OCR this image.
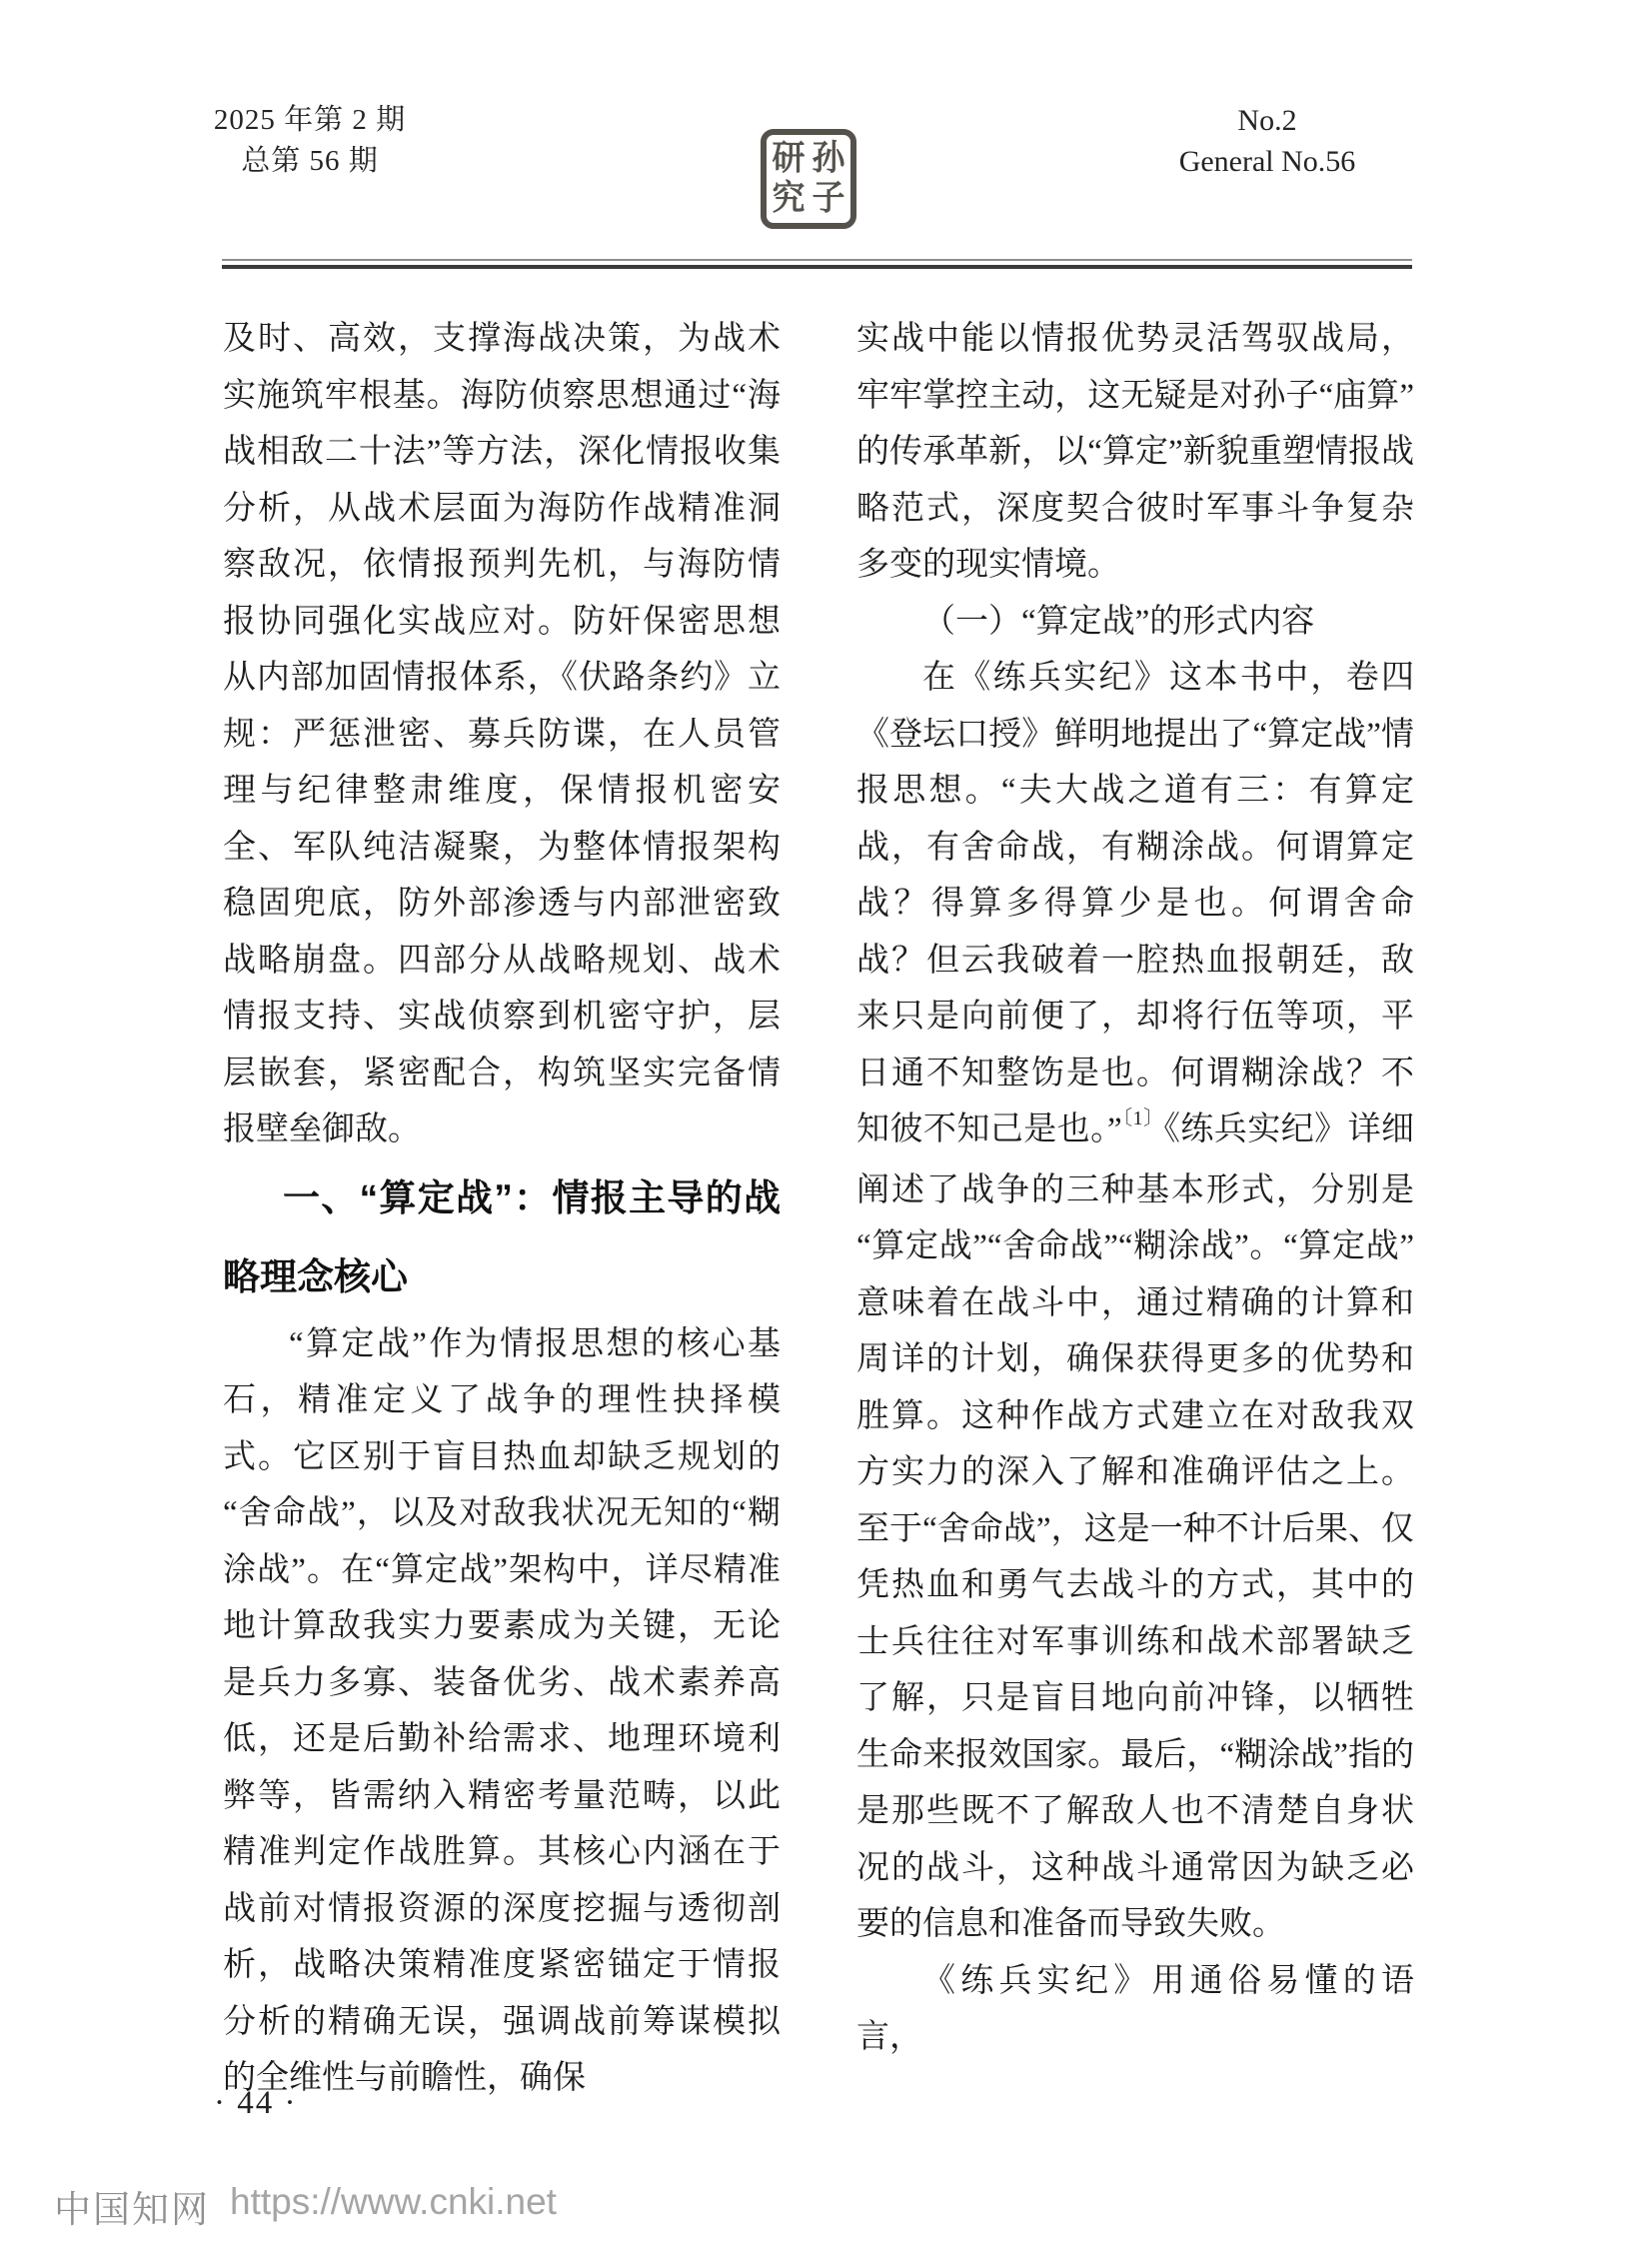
2025 年第 2 期
总第 56 期	研 孙
究 子
No.2
General No.56

及时、高效，支撑海战决策，为战术实施筑牢根基。海防侦察思想通过“海战相敌二十法”等方法，深化情报收集分析，从战术层面为海防作战精准洞察敌况，依情报预判先机，与海防情报协同强化实战应对。防奸保密思想从内部加固情报体系，《伏路条约》立规：严惩泄密、募兵防谍，在人员管理与纪律整肃维度，保情报机密安全、军队纯洁凝聚，为整体情报架构稳固兜底，防外部渗透与内部泄密致战略崩盘。四部分从战略规划、战术情报支持、实战侦察到机密守护，层层嵌套，紧密配合，构筑坚实完备情报壁垒御敌。

一、“算定战”：情报主导的战略理念核心

“算定战”作为情报思想的核心基石，精准定义了战争的理性抉择模式。它区别于盲目热血却缺乏规划的“舍命战”，以及对敌我状况无知的“糊涂战”。在“算定战”架构中，详尽精准地计算敌我实力要素成为关键，无论是兵力多寡、装备优劣、战术素养高低，还是后勤补给需求、地理环境利弊等，皆需纳入精密考量范畴，以此精准判定作战胜算。其核心内涵在于战前对情报资源的深度挖掘与透彻剖析，战略决策精准度紧密锚定于情报分析的精确无误，强调战前筹谋模拟的全维性与前瞻性，确保

实战中能以情报优势灵活驾驭战局，牢牢掌控主动，这无疑是对孙子“庙算”的传承革新，以“算定”新貌重塑情报战略范式，深度契合彼时军事斗争复杂多变的现实情境。

（一）“算定战”的形式内容

在《练兵实纪》这本书中，卷四《登坛口授》鲜明地提出了“算定战”情报思想。“夫大战之道有三：有算定战，有舍命战，有糊涂战。何谓算定战？得算多得算少是也。何谓舍命战？但云我破着一腔热血报朝廷，敌来只是向前便了，却将行伍等项，平日通不知整饬是也。何谓糊涂战？不知彼不知己是也。”$^{〔1〕}$《练兵实纪》详细阐述了战争的三种基本形式，分别是“算定战”“舍命战”“糊涂战”。“算定战”意味着在战斗中，通过精确的计算和周详的计划，确保获得更多的优势和胜算。这种作战方式建立在对敌我双方实力的深入了解和准确评估之上。至于“舍命战”，这是一种不计后果、仅凭热血和勇气去战斗的方式，其中的士兵往往对军事训练和战术部署缺乏了解，只是盲目地向前冲锋，以牺牲生命来报效国家。最后，“糊涂战”指的是那些既不了解敌人也不清楚自身状况的战斗，这种战斗通常因为缺乏必要的信息和准备而导致失败。

《练兵实纪》用通俗易懂的语言，

· 44 ·
中国知网 https://www.cnki.net
